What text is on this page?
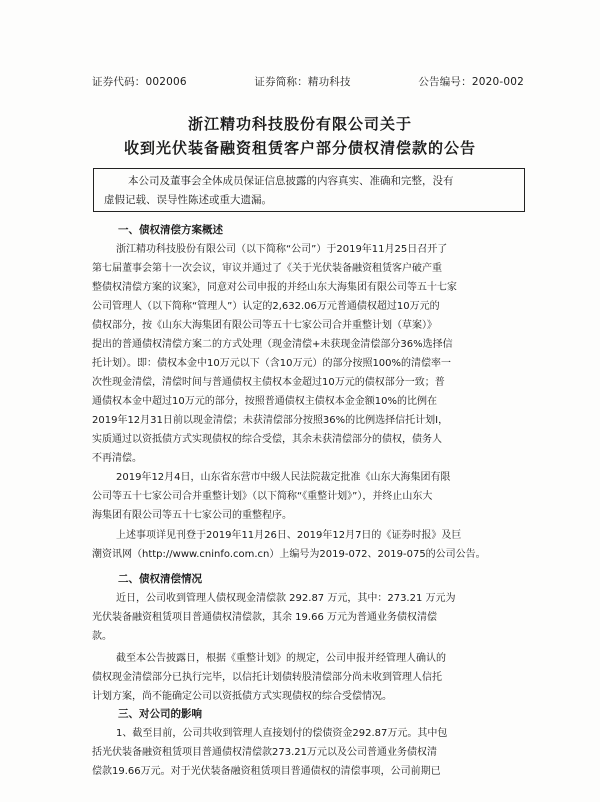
证券代码：002006	证券简称：精功科技	公告编号：2020-002
浙江精功科技股份有限公司关于
收到光伏装备融资租赁客户部分债权清偿款的公告
本公司及董事会全体成员保证信息披露的内容真实、准确和完整，没有
虚假记载、误导性陈述或重大遗漏。
一、债权清偿方案概述
浙江精功科技股份有限公司（以下简称“公司”）于2019年11月25日召开了
第七届董事会第十一次会议，审议并通过了《关于光伏装备融资租赁客户破产重
整债权清偿方案的议案》，同意对公司申报的并经山东大海集团有限公司等五十七家
公司管理人（以下简称“管理人”）认定的2,632.06万元普通债权超过10万元的
债权部分，按《山东大海集团有限公司等五十七家公司合并重整计划（草案）》
提出的普通债权清偿方案二的方式处理（现金清偿+未获现金清偿部分36%选择信
托计划）。即：债权本金中10万元以下（含10万元）的部分按照100%的清偿率一
次性现金清偿，清偿时间与普通债权主债权本金超过10万元的债权部分一致；普
通债权本金中超过10万元的部分，按照普通债权主债权本金金额10%的比例在
2019年12月31日前以现金清偿；未获清偿部分按照36%的比例选择信托计划Ⅰ，
实质通过以资抵债方式实现债权的综合受偿，其余未获清偿部分的债权，债务人
不再清偿。
2019年12月4日，山东省东营市中级人民法院裁定批准《山东大海集团有限
公司等五十七家公司合并重整计划》（以下简称“《重整计划》”），并终止山东大
海集团有限公司等五十七家公司的重整程序。
上述事项详见刊登于2019年11月26日、2019年12月7日的《证券时报》及巨
潮资讯网（http://www.cninfo.com.cn）上编号为2019-072、2019-075的公司公告。
二、债权清偿情况
近日，公司收到管理人债权现金清偿款 292.87 万元，其中：273.21 万元为
光伏装备融资租赁项目普通债权清偿款，其余 19.66 万元为普通业务债权清偿
款。
截至本公告披露日，根据《重整计划》的规定，公司申报并经管理人确认的
债权现金清偿部分已执行完毕，以信托计划债转股清偿部分尚未收到管理人信托
计划方案，尚不能确定公司以资抵债方式实现债权的综合受偿情况。
三、对公司的影响
1、截至目前，公司共收到管理人直接划付的偿债资金292.87万元。其中包
括光伏装备融资租赁项目普通债权清偿款273.21万元以及公司普通业务债权清
偿款19.66万元。对于光伏装备融资租赁项目普通债权的清偿事项，公司前期已
